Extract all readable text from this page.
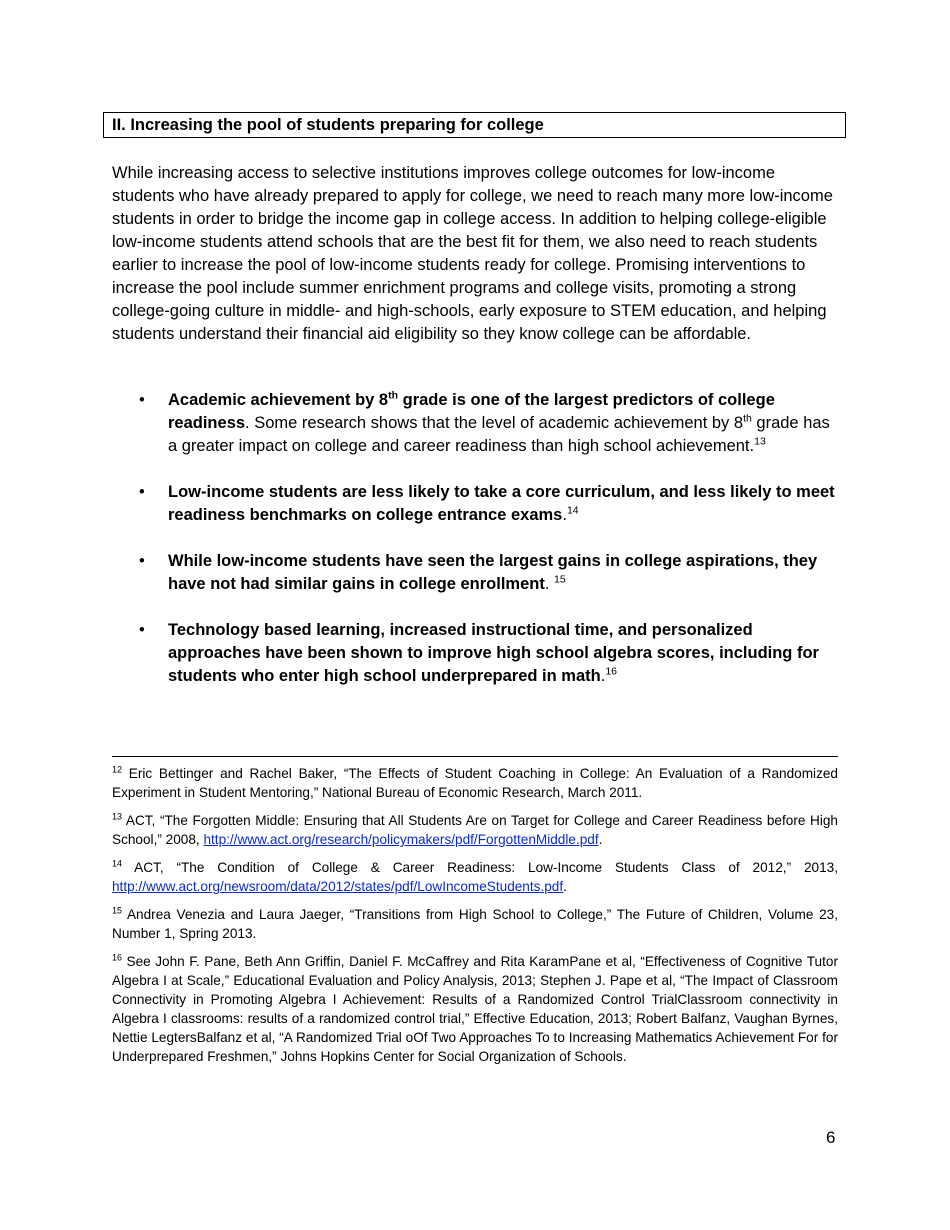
II. Increasing the pool of students preparing for college

While increasing access to selective institutions improves college outcomes for low-income students who have already prepared to apply for college, we need to reach many more low-income students in order to bridge the income gap in college access. In addition to helping college-eligible low-income students attend schools that are the best fit for them, we also need to reach students earlier to increase the pool of low-income students ready for college. Promising interventions to increase the pool include summer enrichment programs and college visits, promoting a strong college-going culture in middle- and high-schools, early exposure to STEM education, and helping students understand their financial aid eligibility so they know college can be affordable.

• Academic achievement by 8th grade is one of the largest predictors of college readiness. Some research shows that the level of academic achievement by 8th grade has a greater impact on college and career readiness than high school achievement.$^{13}$
• Low-income students are less likely to take a core curriculum, and less likely to meet readiness benchmarks on college entrance exams.$^{14}$
• While low-income students have seen the largest gains in college aspirations, they have not had similar gains in college enrollment. $^{15}$
• Technology based learning, increased instructional time, and personalized approaches have been shown to improve high school algebra scores, including for students who enter high school underprepared in math.$^{16}$

$^{12}$ Eric Bettinger and Rachel Baker, “The Effects of Student Coaching in College: An Evaluation of a Randomized Experiment in Student Mentoring,” National Bureau of Economic Research, March 2011.

$^{13}$ ACT, “The Forgotten Middle: Ensuring that All Students Are on Target for College and Career Readiness before High School,” 2008, http://www.act.org/research/policymakers/pdf/ForgottenMiddle.pdf.

$^{14}$ ACT, “The Condition of College & Career Readiness: Low-Income Students Class of 2012,” 2013, http://www.act.org/newsroom/data/2012/states/pdf/LowIncomeStudents.pdf.

$^{15}$ Andrea Venezia and Laura Jaeger, “Transitions from High School to College,” The Future of Children, Volume 23, Number 1, Spring 2013.

$^{16}$ See John F. Pane, Beth Ann Griffin, Daniel F. McCaffrey and Rita KaramPane et al, “Effectiveness of Cognitive Tutor Algebra I at Scale,” Educational Evaluation and Policy Analysis, 2013; Stephen J. Pape et al, “The Impact of Classroom Connectivity in Promoting Algebra I Achievement: Results of a Randomized Control TrialClassroom connectivity in Algebra I classrooms: results of a randomized control trial,” Effective Education, 2013; Robert Balfanz, Vaughan Byrnes, Nettie LegtersBalfanz et al, “A Randomized Trial oOf Two Approaches To to Increasing Mathematics Achievement For for Underprepared Freshmen,” Johns Hopkins Center for Social Organization of Schools.

6
